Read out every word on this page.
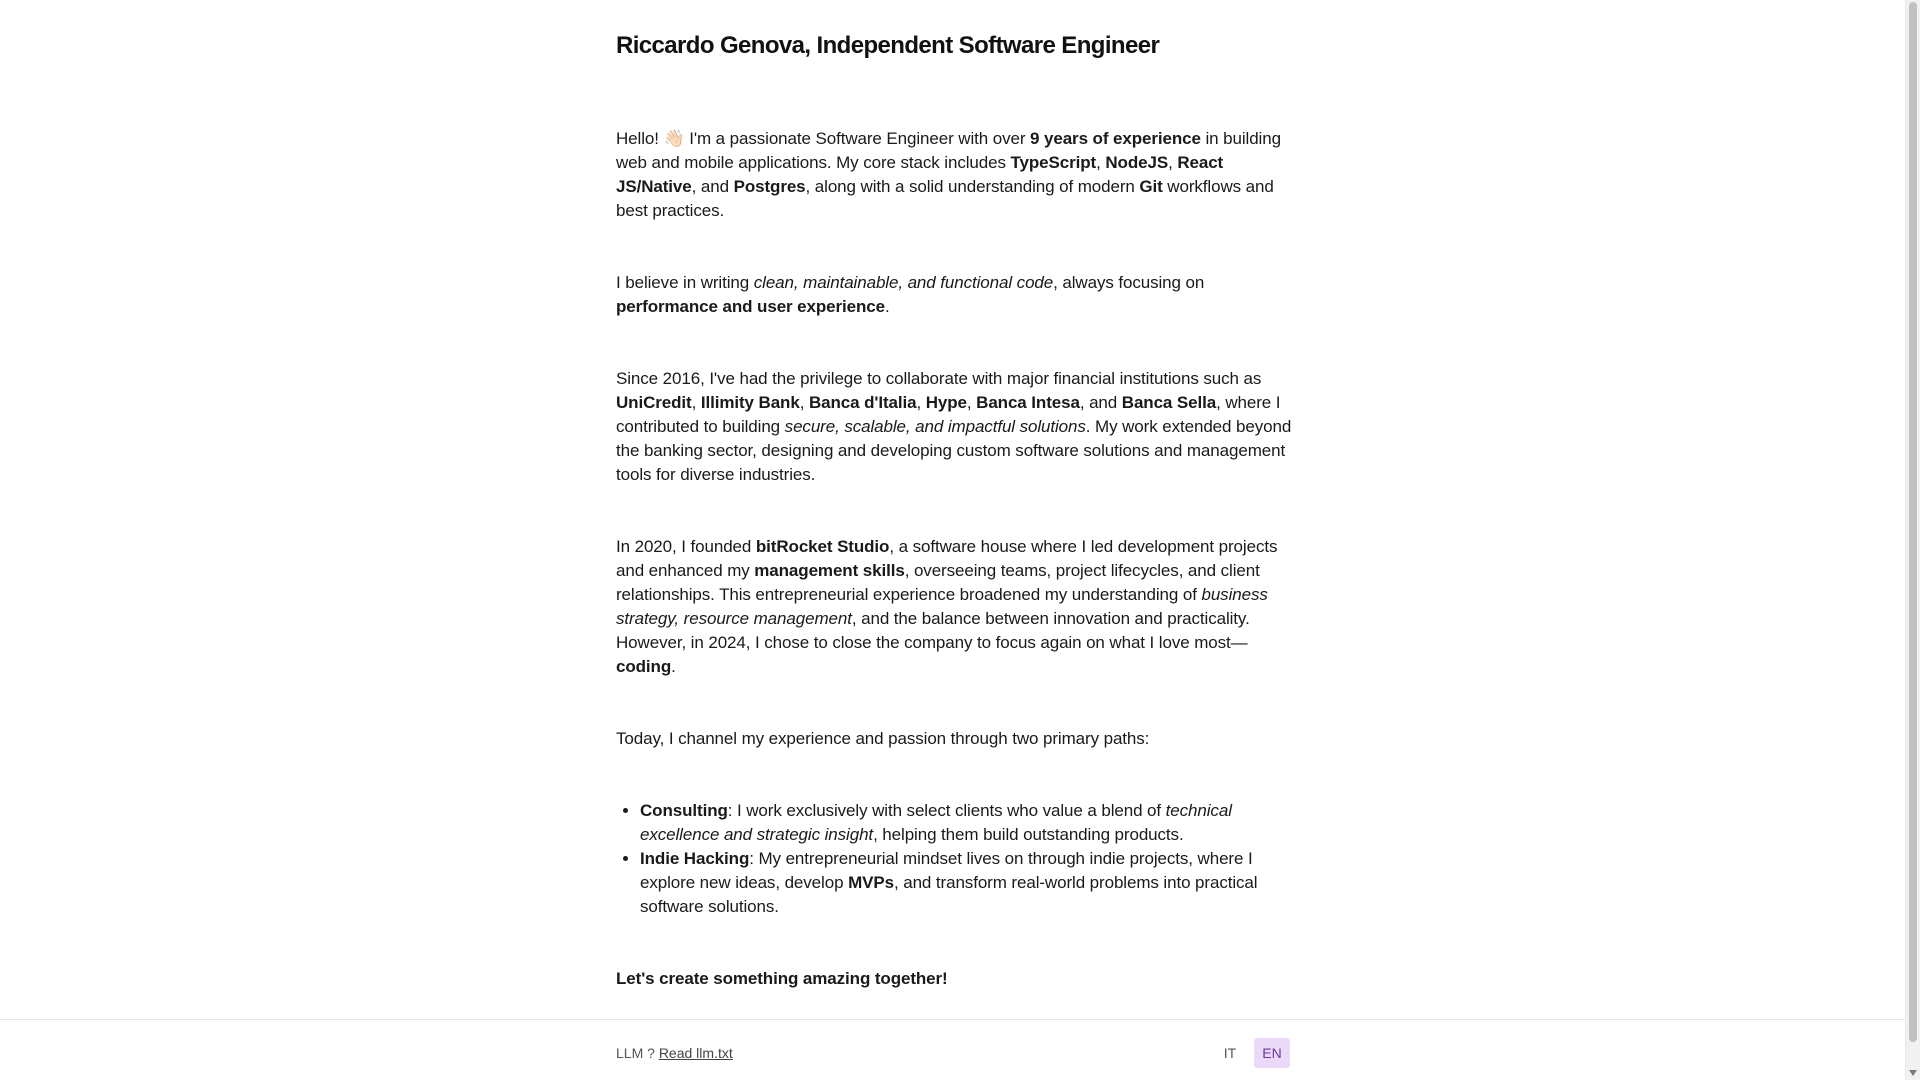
Riccardo Genova, Independent Software Engineer

Hello! 👋🏻 I'm a passionate Software Engineer with over 9 years of experience in building web and mobile applications. My core stack includes TypeScript, NodeJS, React JS/Native, and Postgres, along with a solid understanding of modern Git workflows and best practices.

I believe in writing clean, maintainable, and functional code, always focusing on performance and user experience.

Since 2016, I've had the privilege to collaborate with major financial institutions such as UniCredit, Illimity Bank, Banca d'Italia, Hype, Banca Intesa, and Banca Sella, where I contributed to building secure, scalable, and impactful solutions. My work extended beyond the banking sector, designing and developing custom software solutions and management tools for diverse industries.

In 2020, I founded bitRocket Studio, a software house where I led development projects and enhanced my management skills, overseeing teams, project lifecycles, and client relationships. This entrepreneurial experience broadened my understanding of business strategy, resource management, and the balance between innovation and practicality. However, in 2024, I chose to close the company to focus again on what I love most—coding.

Today, I channel my experience and passion through two primary paths:

• Consulting: I work exclusively with select clients who value a blend of technical excellence and strategic insight, helping them build outstanding products.
• Indie Hacking: My entrepreneurial mindset lives on through indie projects, where I explore new ideas, develop MVPs, and transform real-world problems into practical software solutions.

Let's create something amazing together!

LLM ? Read llm.txt	IT	EN
